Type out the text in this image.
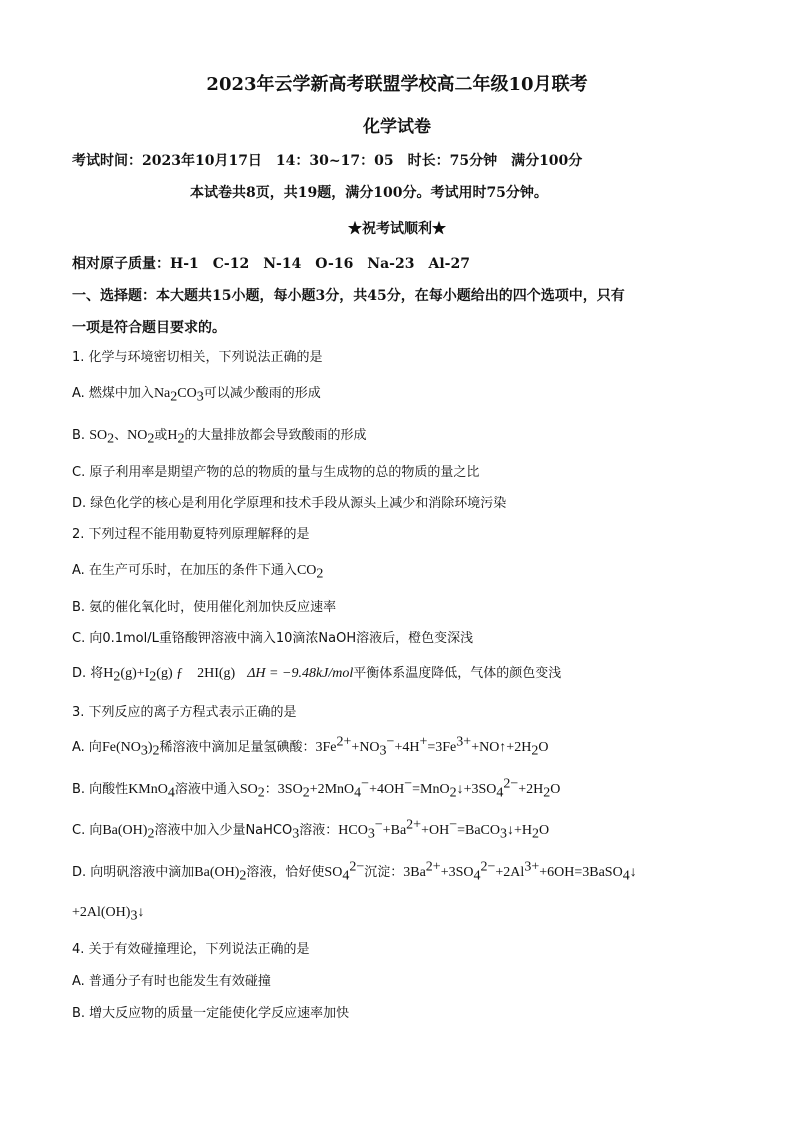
2023年云学新高考联盟学校高二年级10月联考
化学试卷
考试时间：2023年10月17日　14：30~17：05　时长：75分钟　满分100分
本试卷共8页，共19题，满分100分。考试用时75分钟。
★祝考试顺利★
相对原子质量：H-1　C-12　N-14　O-16　Na-23　Al-27
一、选择题：本大题共15小题，每小题3分，共45分，在每小题给出的四个选项中，只有
一项是符合题目要求的。
1. 化学与环境密切相关，下列说法正确的是
A. 燃煤中加入$Na_2CO_3$可以减少酸雨的形成
B. $SO_2$、$NO_2$或$H_2$的大量排放都会导致酸雨的形成
C. 原子利用率是期望产物的总的物质的量与生成物的总的物质的量之比
D. 绿色化学的核心是利用化学原理和技术手段从源头上减少和消除环境污染
2. 下列过程不能用勒夏特列原理解释的是
A. 在生产可乐时，在加压的条件下通入$CO_2$
B. 氨的催化氧化时，使用催化剂加快反应速率
C. 向0.1mol/L重铬酸钾溶液中滴入10滴浓NaOH溶液后，橙色变深浅
D. 将$H_2(g)+I_2(g)$ ƒ　2HI(g) ΔH = −9.48kJ/mol平衡体系温度降低，气体的颜色变浅
3. 下列反应的离子方程式表示正确的是
A. 向$Fe(NO_3)_2$稀溶液中滴加足量氢碘酸：$3Fe^{2+}+NO_3^-+4H^+=3Fe^{3+}+NO↑+2H_2O$
B. 向酸性KMnO$_4$溶液中通入$SO_2$：$3SO_2+2MnO_4^-+4OH^-=MnO_2↓+3SO_4^{2-}+2H_2O$
C. 向$Ba(OH)_2$溶液中加入少量NaHCO$_3$溶液：$HCO_3^-+Ba^{2+}+OH^-=BaCO_3↓+H_2O$
D. 向明矾溶液中滴加$Ba(OH)_2$溶液，恰好使$SO_4^{2-}$沉淀：$3Ba^{2+}+3SO_4^{2-}+2Al^{3+}+6OH=3BaSO_4↓$
$+2Al(OH)_3↓$
4. 关于有效碰撞理论，下列说法正确的是
A. 普通分子有时也能发生有效碰撞
B. 增大反应物的质量一定能使化学反应速率加快
